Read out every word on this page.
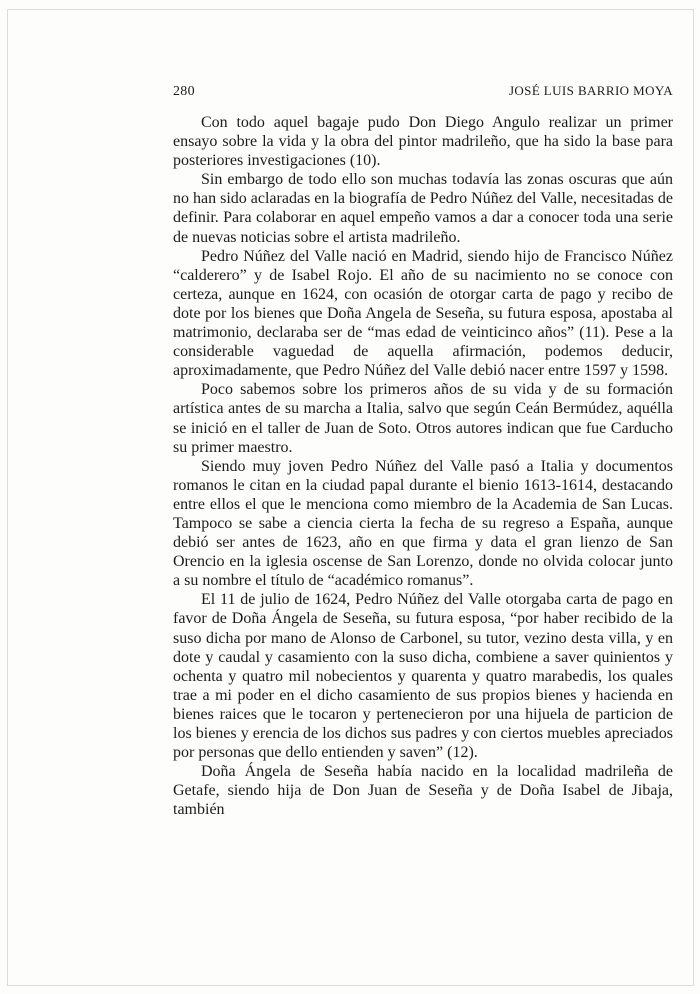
280	JOSÉ LUIS BARRIO MOYA

Con todo aquel bagaje pudo Don Diego Angulo realizar un primer ensayo sobre la vida y la obra del pintor madrileño, que ha sido la base para posteriores investigaciones (10).

Sin embargo de todo ello son muchas todavía las zonas oscuras que aún no han sido aclaradas en la biografía de Pedro Núñez del Valle, necesitadas de definir. Para colaborar en aquel empeño vamos a dar a conocer toda una serie de nuevas noticias sobre el artista madrileño.

Pedro Núñez del Valle nació en Madrid, siendo hijo de Francisco Núñez “calderero” y de Isabel Rojo. El año de su nacimiento no se conoce con certeza, aunque en 1624, con ocasión de otorgar carta de pago y recibo de dote por los bienes que Doña Angela de Seseña, su futura esposa, apostaba al matrimonio, declaraba ser de “mas edad de veinticinco años” (11). Pese a la considerable vaguedad de aquella afirmación, podemos deducir, aproximadamente, que Pedro Núñez del Valle debió nacer entre 1597 y 1598.

Poco sabemos sobre los primeros años de su vida y de su formación artística antes de su marcha a Italia, salvo que según Ceán Bermúdez, aquélla se inició en el taller de Juan de Soto. Otros autores indican que fue Carducho su primer maestro.

Siendo muy joven Pedro Núñez del Valle pasó a Italia y documentos romanos le citan en la ciudad papal durante el bienio 1613-1614, destacando entre ellos el que le menciona como miembro de la Academia de San Lucas. Tampoco se sabe a ciencia cierta la fecha de su regreso a España, aunque debió ser antes de 1623, año en que firma y data el gran lienzo de San Orencio en la iglesia oscense de San Lorenzo, donde no olvida colocar junto a su nombre el título de “académico romanus”.

El 11 de julio de 1624, Pedro Núñez del Valle otorgaba carta de pago en favor de Doña Ángela de Seseña, su futura esposa, “por haber recibido de la suso dicha por mano de Alonso de Carbonel, su tutor, vezino desta villa, y en dote y caudal y casamiento con la suso dicha, combiene a saver quinientos y ochenta y quatro mil nobecientos y quarenta y quatro marabedis, los quales trae a mi poder en el dicho casamiento de sus propios bienes y hacienda en bienes raices que le tocaron y pertenecieron por una hijuela de particion de los bienes y erencia de los dichos sus padres y con ciertos muebles apreciados por personas que dello entienden y saven” (12).

Doña Ángela de Seseña había nacido en la localidad madrileña de Getafe, siendo hija de Don Juan de Seseña y de Doña Isabel de Jibaja, también
